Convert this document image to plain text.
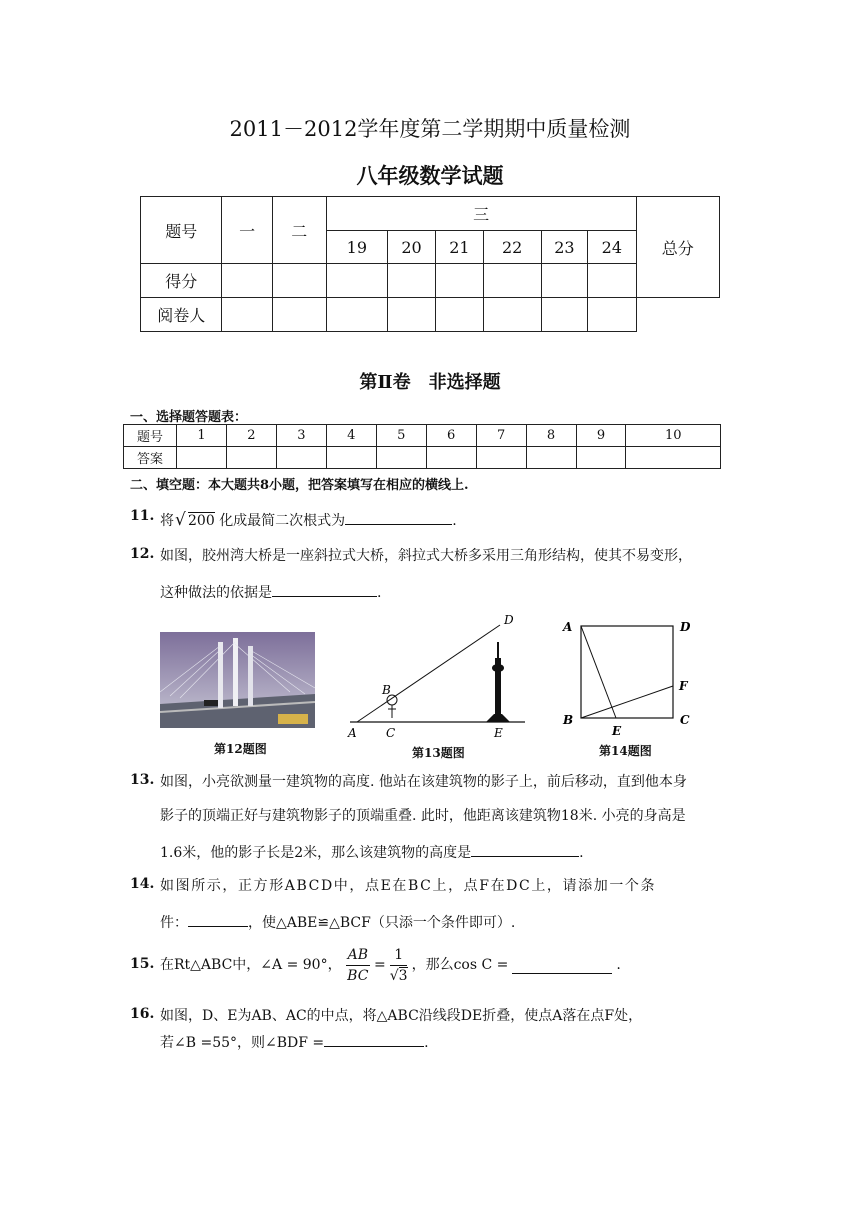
2011－2012学年度第二学期期中质量检测
八年级数学试题
题号	一	二	三						总分
			19	20	21	22	23	24	
得分									
阅卷人									
第Ⅱ卷　非选择题
一、选择题答题表：
题号	1	2	3	4	5	6	7	8	9	10
答案										
二、填空题：本大题共8小题，把答案填写在相应的横线上.
11. 将 √ 200 化成最简二次根式为	.
12. 如图，胶州湾大桥是一座斜拉式大桥，斜拉式大桥多采用三角形结构，使其不易变形，
这种做法的依据是	.
第12题图
A
B
C
D
E
第13题图
A
B	C
D
E
F
第14题图
13. 如图，小亮欲测量一建筑物的高度. 他站在该建筑物的影子上，前后移动，直到他本身
影子的顶端正好与建筑物影子的顶端重叠. 此时，他距离该建筑物18米. 小亮的身高是
1.6米，他的影子长是2米，那么该建筑物的高度是	.
14. 如图所示，正方形ABCD中，点E在BC上，点F在DC上，请添加一个条
件：	，使△ABE≌△BCF（只添一个条件即可）.
15. 在Rt△ABC中，∠A = 90°， $\frac{AB}{BC} = \frac{1}{√3}$ ，那么cos C =	.
16. 如图，D、E为AB、AC的中点，将△ABC沿线段DE折叠，使点A落在点F处，
若∠B =55°，则∠BDF =	.
